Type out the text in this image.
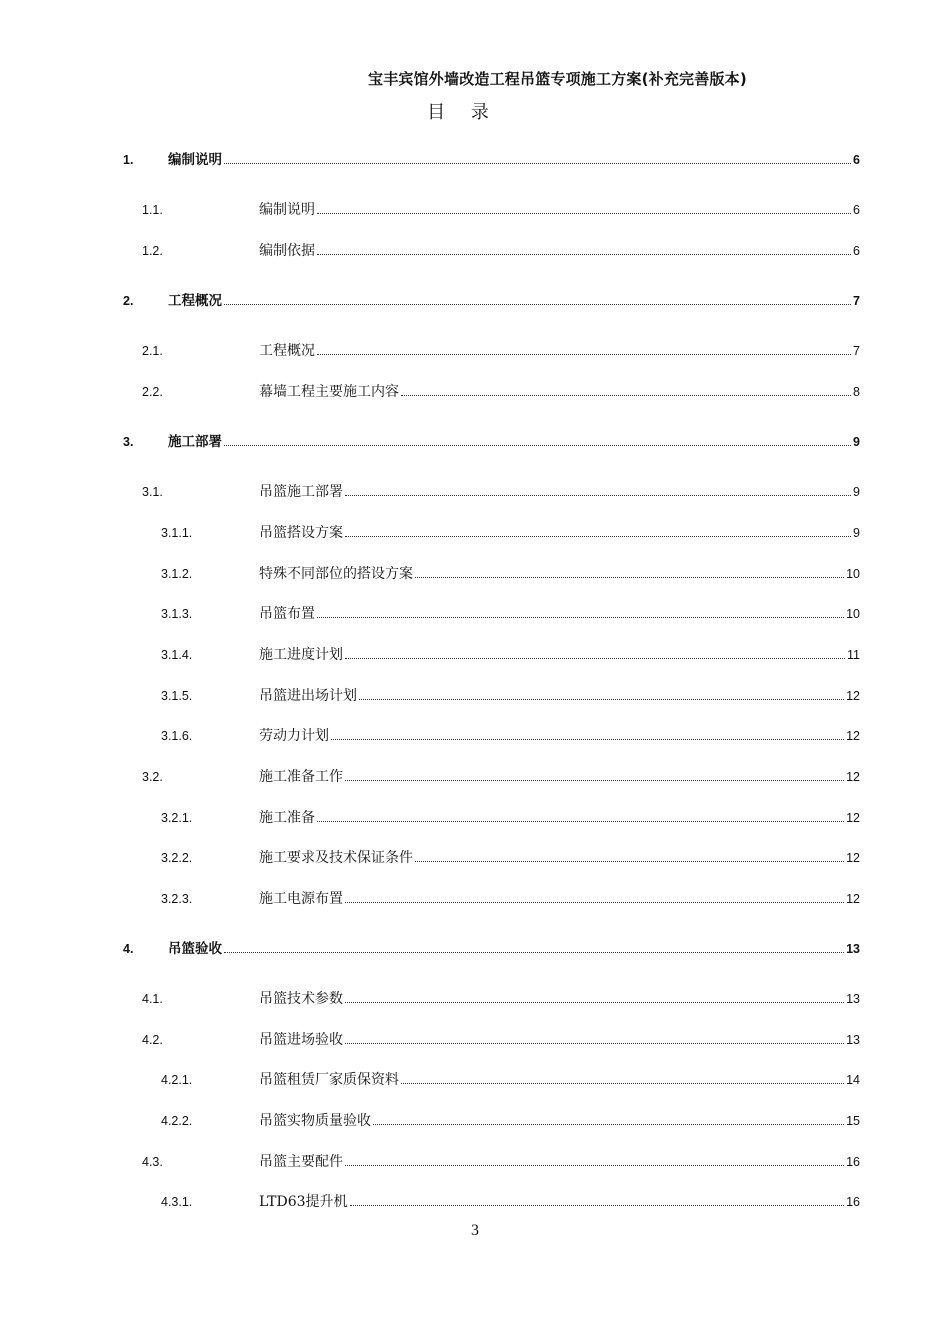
宝丰宾馆外墙改造工程吊篮专项施工方案(补充完善版本)
目 录
1.	编制说明	6
1.1.	编制说明	6
1.2.	编制依据	6
2.	工程概况	7
2.1.	工程概况	7
2.2.	幕墙工程主要施工内容	8
3.	施工部署	9
3.1.	吊篮施工部署	9
3.1.1.	吊篮搭设方案	9
3.1.2.	特殊不同部位的搭设方案	10
3.1.3.	吊篮布置	10
3.1.4.	施工进度计划	11
3.1.5.	吊篮进出场计划	12
3.1.6.	劳动力计划	12
3.2.	施工准备工作	12
3.2.1.	施工准备	12
3.2.2.	施工要求及技术保证条件	12
3.2.3.	施工电源布置	12
4.	吊篮验收	13
4.1.	吊篮技术参数	13
4.2.	吊篮进场验收	13
4.2.1.	吊篮租赁厂家质保资料	14
4.2.2.	吊篮实物质量验收	15
4.3.	吊篮主要配件	16
4.3.1.	LTD63提升机	16
3
